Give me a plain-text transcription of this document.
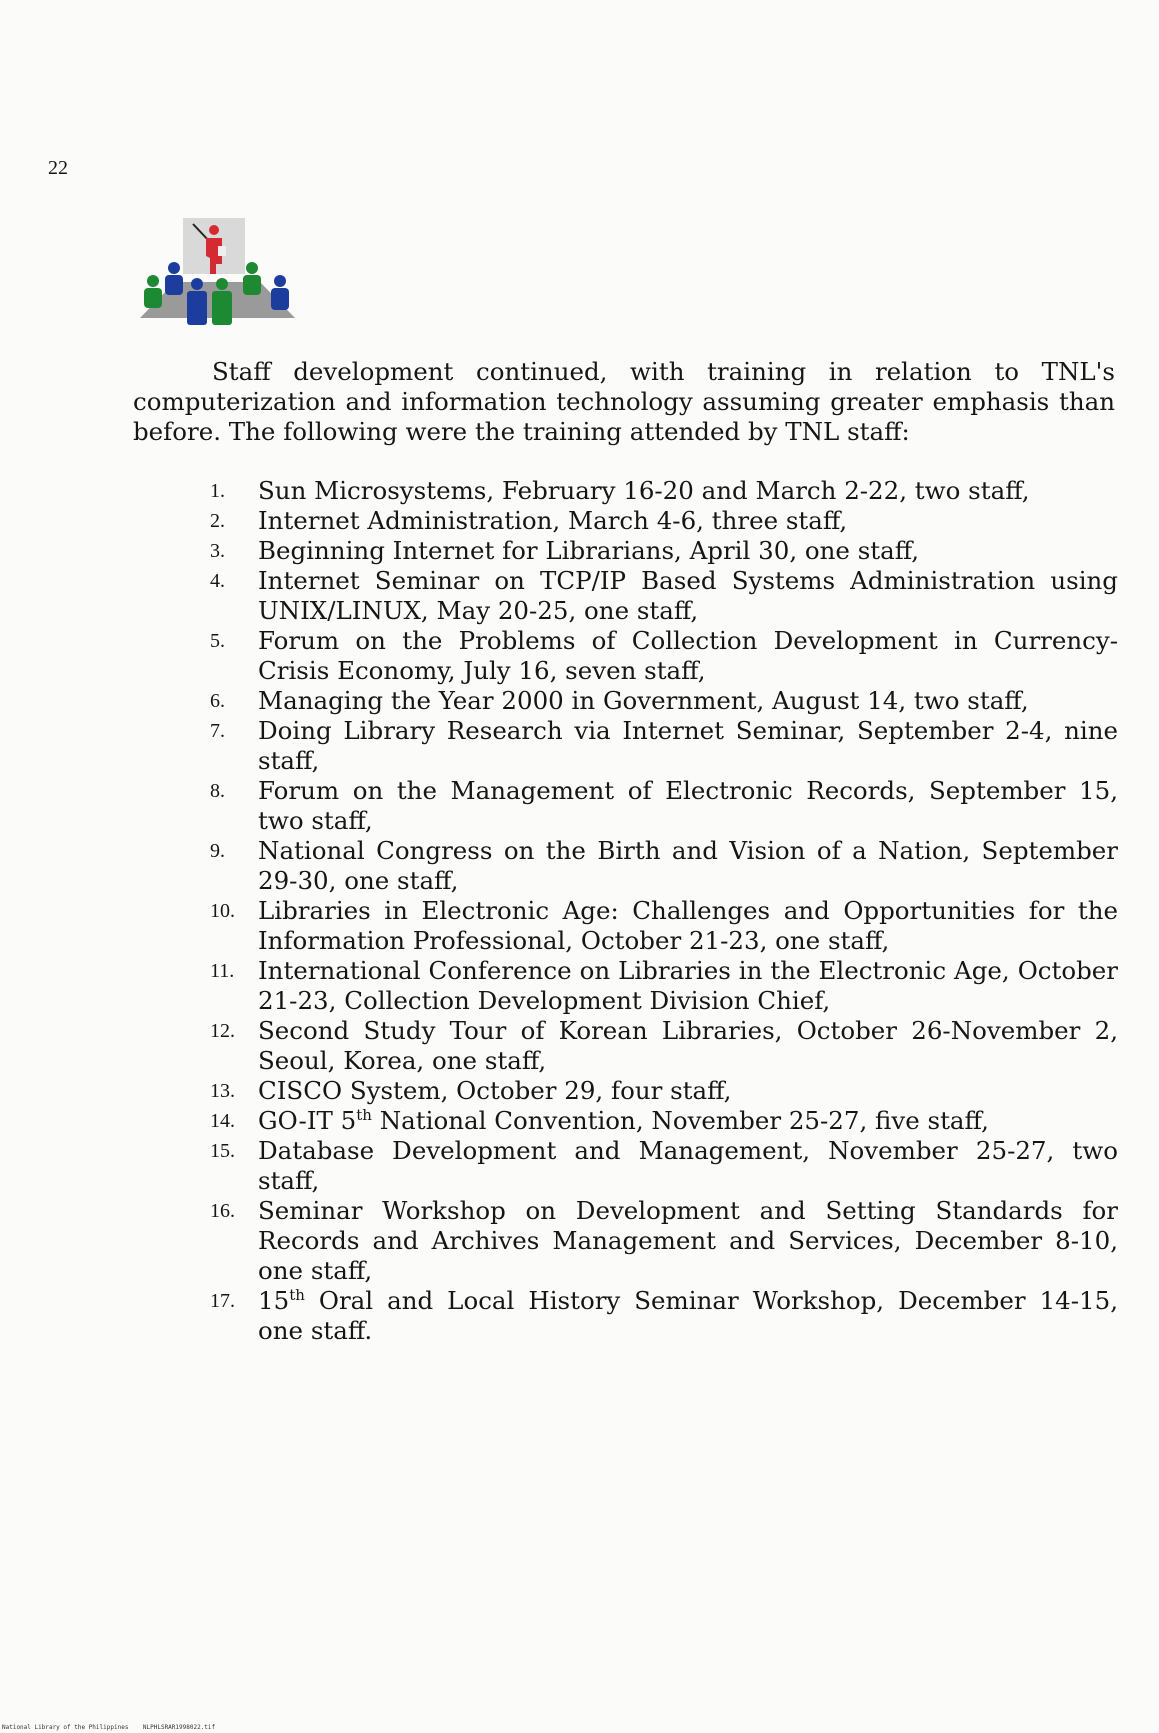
22

Staff development continued, with training in relation to TNL's computerization and information technology assuming greater emphasis than before. The following were the training attended by TNL staff:

1.	Sun Microsystems, February 16-20 and March 2-22, two staff,
2.	Internet Administration, March 4-6, three staff,
3.	Beginning Internet for Librarians, April 30, one staff,
4.	Internet Seminar on TCP/IP Based Systems Administration using UNIX/LINUX, May 20-25, one staff,
5.	Forum on the Problems of Collection Development in Currency-Crisis Economy, July 16, seven staff,
6.	Managing the Year 2000 in Government, August 14, two staff,
7.	Doing Library Research via Internet Seminar, September 2-4, nine staff,
8.	Forum on the Management of Electronic Records, September 15, two staff,
9.	National Congress on the Birth and Vision of a Nation, September 29-30, one staff,
10. Libraries in Electronic Age: Challenges and Opportunities for the Information Professional, October 21-23, one staff,
11. International Conference on Libraries in the Electronic Age, October 21-23, Collection Development Division Chief,
12. Second Study Tour of Korean Libraries, October 26-November 2, Seoul, Korea, one staff,
13. CISCO System, October 29, four staff,
14. GO-IT 5th National Convention, November 25-27, five staff,
15. Database Development and Management, November 25-27, two staff,
16. Seminar Workshop on Development and Setting Standards for Records and Archives Management and Services, December 8-10, one staff,
17. 15th Oral and Local History Seminar Workshop, December 14-15, one staff.
National Library of the Philippines NLPHLSRAR1998022.tif
